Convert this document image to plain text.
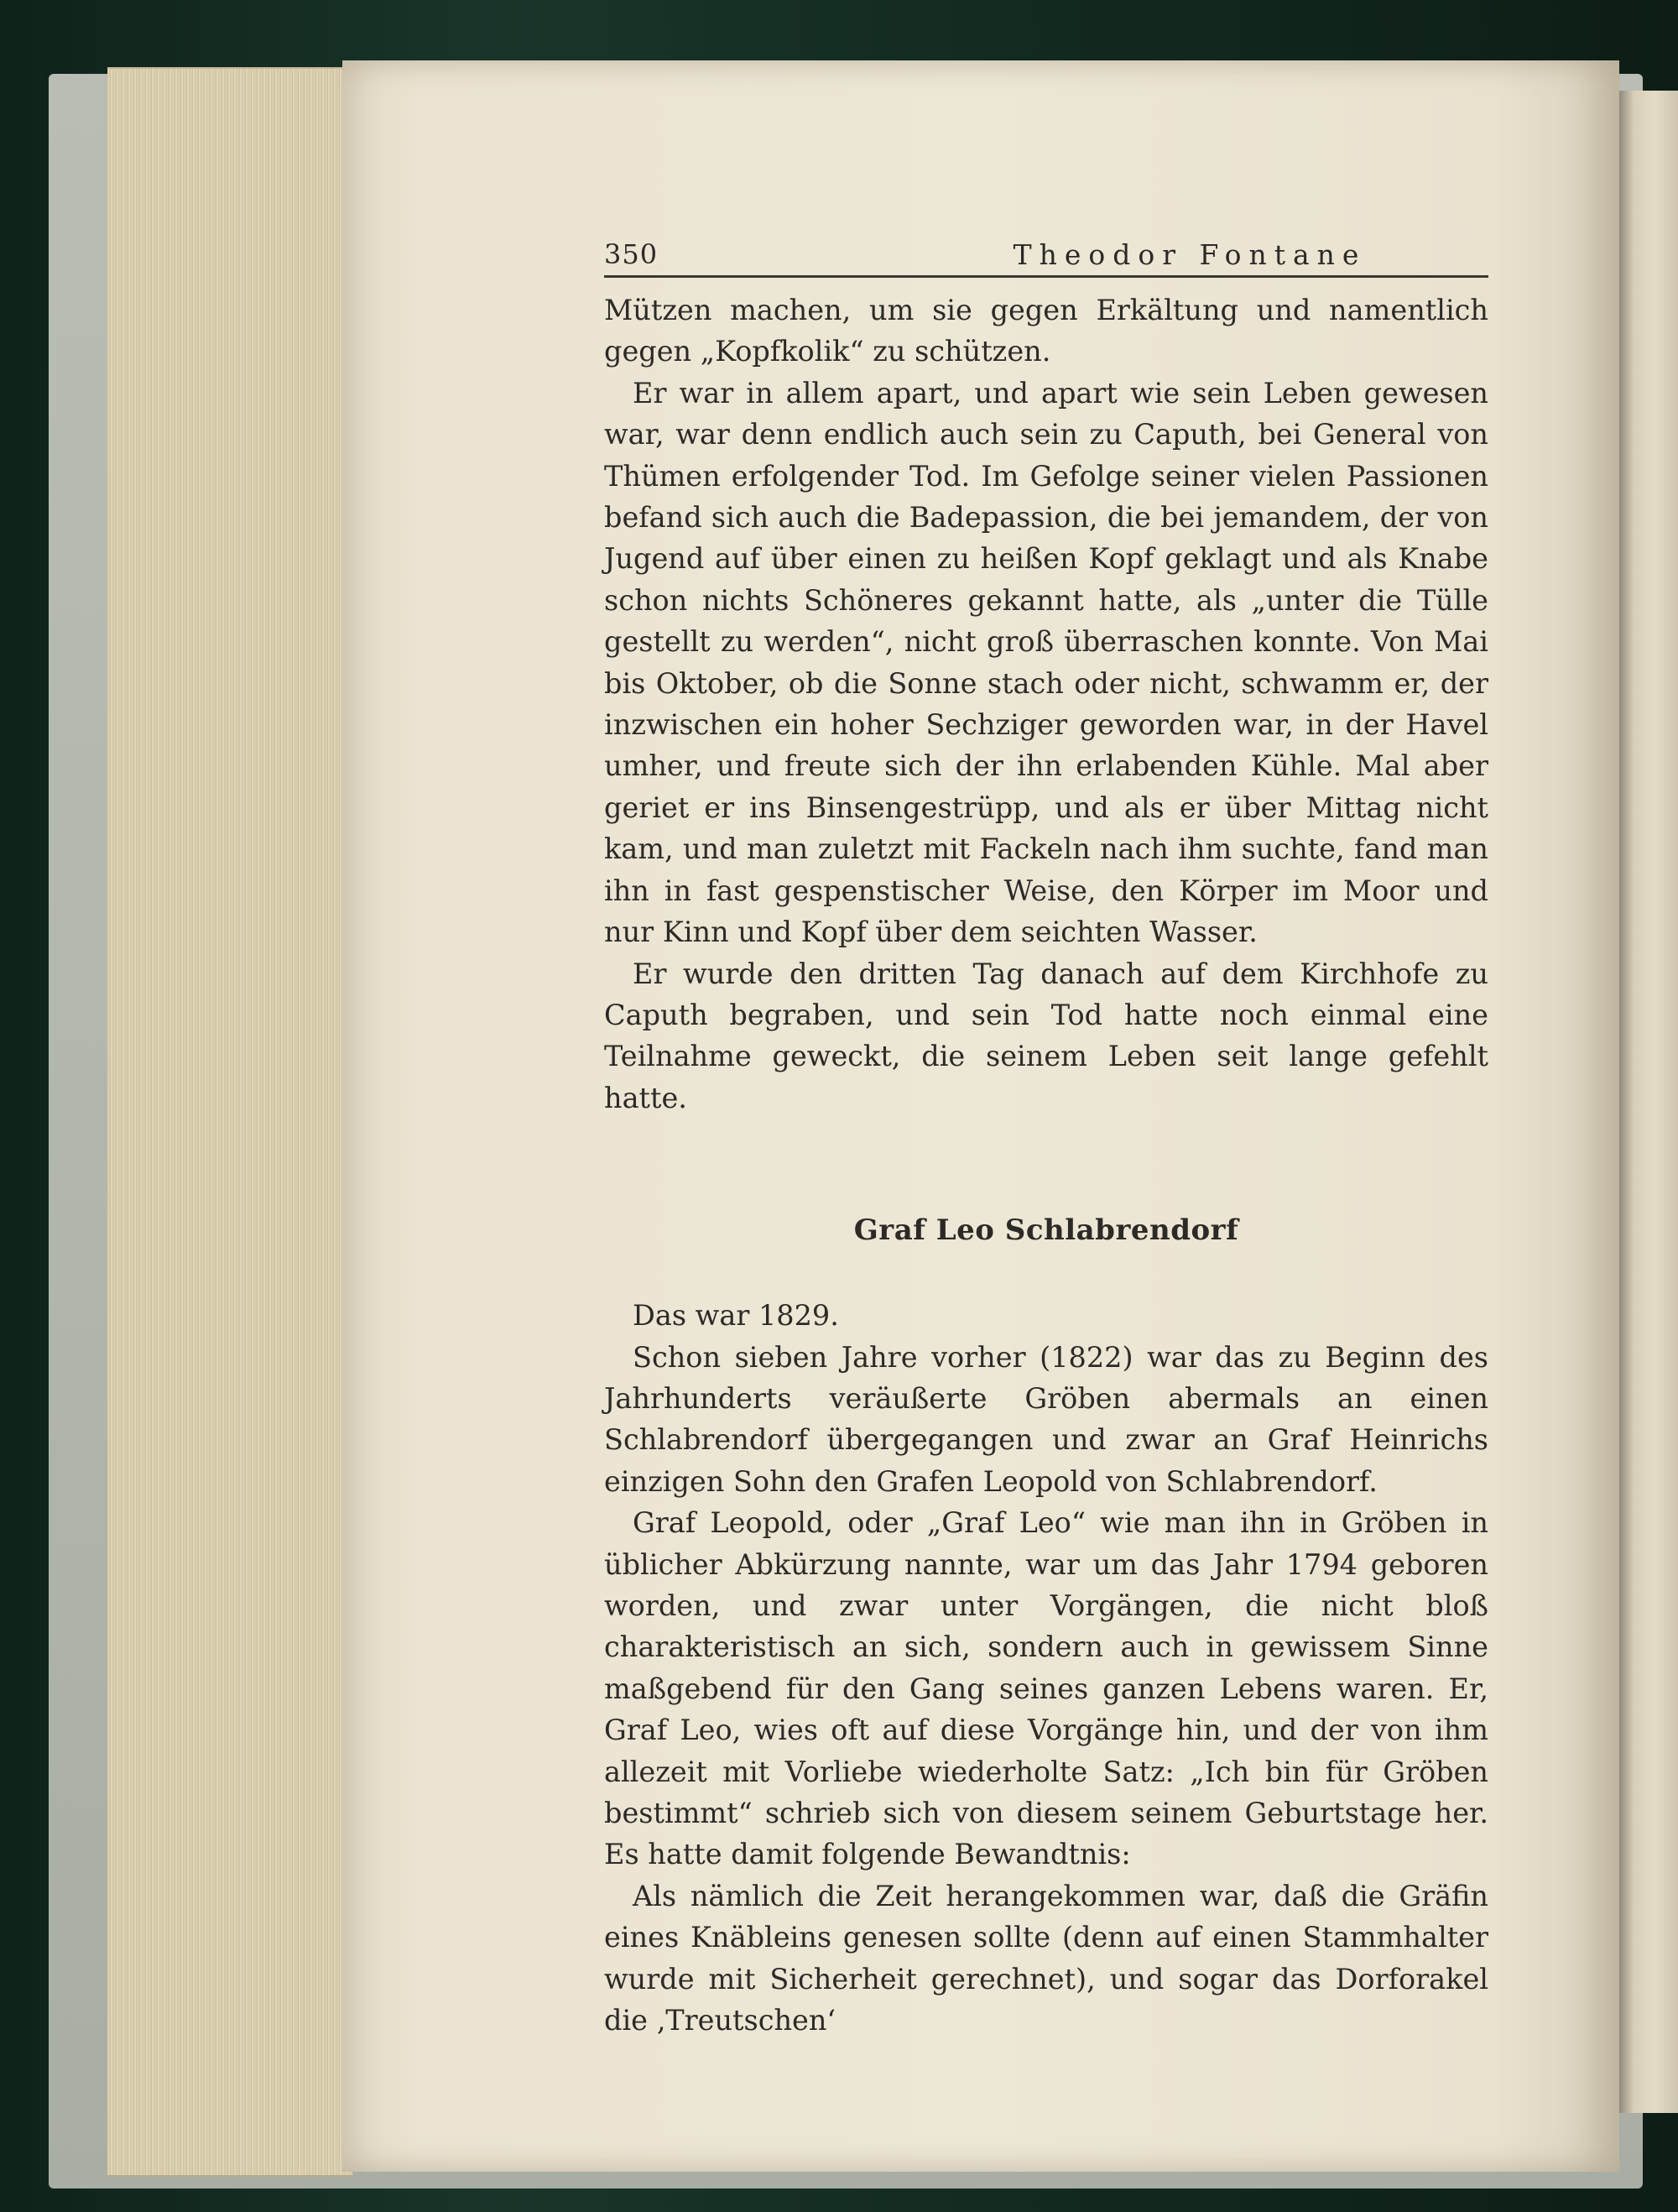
350	Theodor Fontane

Mützen machen, um sie gegen Erkältung und namentlich gegen „Kopfkolik“ zu schützen.

Er war in allem apart, und apart wie sein Leben gewesen war, war denn endlich auch sein zu Caputh, bei General von Thümen erfolgender Tod. Im Gefolge seiner vielen Passionen befand sich auch die Badepassion, die bei jemandem, der von Jugend auf über einen zu heißen Kopf geklagt und als Knabe schon nichts Schöneres gekannt hatte, als „unter die Tülle gestellt zu werden“, nicht groß überraschen konnte. Von Mai bis Oktober, ob die Sonne stach oder nicht, schwamm er, der inzwischen ein hoher Sechziger geworden war, in der Havel umher, und freute sich der ihn erlabenden Kühle. Mal aber geriet er ins Binsengestrüpp, und als er über Mittag nicht kam, und man zuletzt mit Fackeln nach ihm suchte, fand man ihn in fast gespenstischer Weise, den Körper im Moor und nur Kinn und Kopf über dem seichten Wasser.

Er wurde den dritten Tag danach auf dem Kirchhofe zu Caputh begraben, und sein Tod hatte noch einmal eine Teilnahme geweckt, die seinem Leben seit lange gefehlt hatte.

Graf Leo Schlabrendorf

Das war 1829.

Schon sieben Jahre vorher (1822) war das zu Beginn des Jahrhunderts veräußerte Gröben abermals an einen Schlabrendorf übergegangen und zwar an Graf Heinrichs einzigen Sohn den Grafen Leopold von Schlabrendorf.

Graf Leopold, oder „Graf Leo“ wie man ihn in Gröben in üblicher Abkürzung nannte, war um das Jahr 1794 geboren worden, und zwar unter Vorgängen, die nicht bloß charakteristisch an sich, sondern auch in gewissem Sinne maßgebend für den Gang seines ganzen Lebens waren. Er, Graf Leo, wies oft auf diese Vorgänge hin, und der von ihm allezeit mit Vorliebe wiederholte Satz: „Ich bin für Gröben bestimmt“ schrieb sich von diesem seinem Geburtstage her. Es hatte damit folgende Bewandtnis:

Als nämlich die Zeit herangekommen war, daß die Gräfin eines Knäbleins genesen sollte (denn auf einen Stammhalter wurde mit Sicherheit gerechnet), und sogar das Dorforakel die ‚Treutschen‘
